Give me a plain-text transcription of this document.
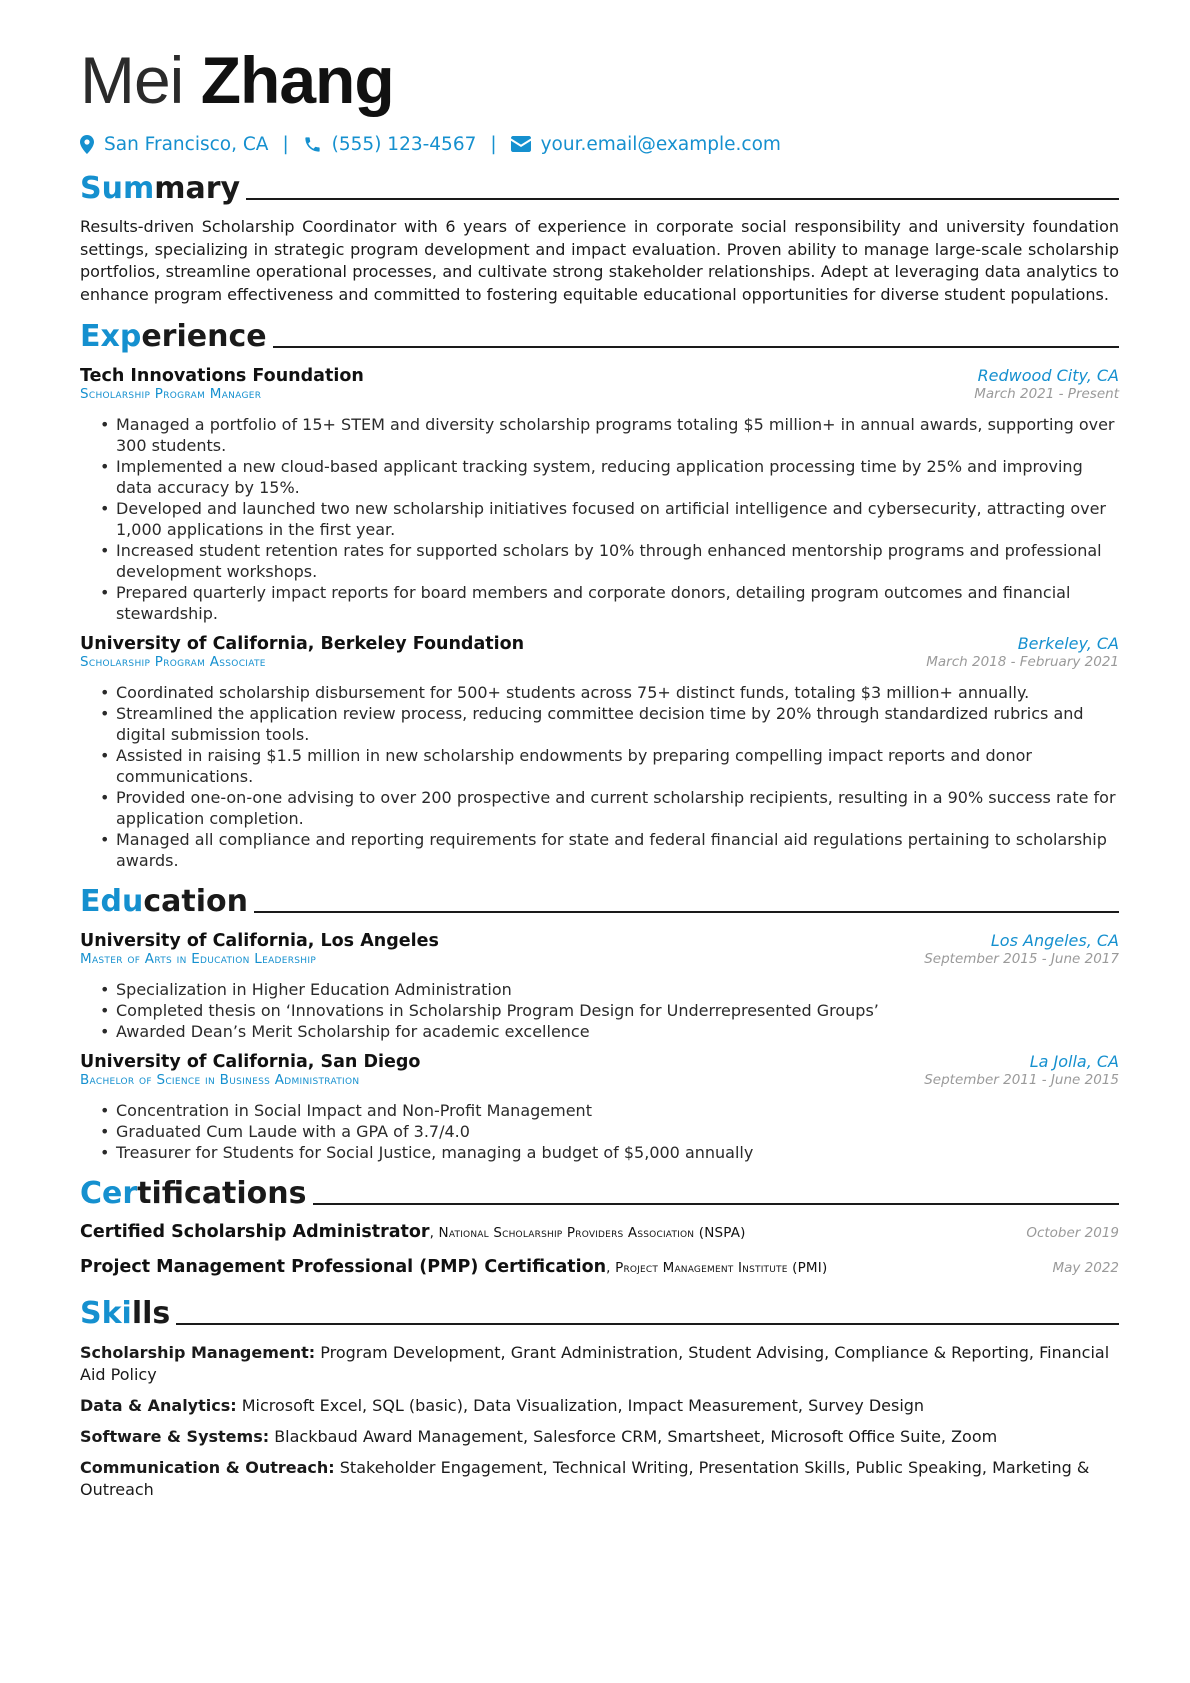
Mei Zhang
San Francisco, CA | (555) 123-4567 | your.email@example.com
Summary

Results-driven Scholarship Coordinator with 6 years of experience in corporate social responsibility and university foundation settings, specializing in strategic program development and impact evaluation. Proven ability to manage large-scale scholarship portfolios, streamline operational processes, and cultivate strong stakeholder relationships. Adept at leveraging data analytics to enhance program effectiveness and committed to fostering equitable educational opportunities for diverse student populations.

Experience
Tech Innovations Foundation	Redwood City, CA
Scholarship Program Manager	March 2021 - Present
• Managed a portfolio of 15+ STEM and diversity scholarship programs totaling $5 million+ in annual awards, supporting over 300 students.
• Implemented a new cloud-based applicant tracking system, reducing application processing time by 25% and improving data accuracy by 15%.
• Developed and launched two new scholarship initiatives focused on artificial intelligence and cybersecurity, attracting over 1,000 applications in the first year.
• Increased student retention rates for supported scholars by 10% through enhanced mentorship programs and professional development workshops.
• Prepared quarterly impact reports for board members and corporate donors, detailing program outcomes and financial stewardship.
University of California, Berkeley Foundation	Berkeley, CA
Scholarship Program Associate	March 2018 - February 2021
• Coordinated scholarship disbursement for 500+ students across 75+ distinct funds, totaling $3 million+ annually.
• Streamlined the application review process, reducing committee decision time by 20% through standardized rubrics and digital submission tools.
• Assisted in raising $1.5 million in new scholarship endowments by preparing compelling impact reports and donor communications.
• Provided one-on-one advising to over 200 prospective and current scholarship recipients, resulting in a 90% success rate for application completion.
• Managed all compliance and reporting requirements for state and federal financial aid regulations pertaining to scholarship awards.
Education
University of California, Los Angeles	Los Angeles, CA
Master of Arts in Education Leadership	September 2015 - June 2017
• Specialization in Higher Education Administration
• Completed thesis on ‘Innovations in Scholarship Program Design for Underrepresented Groups’
• Awarded Dean’s Merit Scholarship for academic excellence
University of California, San Diego	La Jolla, CA
Bachelor of Science in Business Administration	September 2011 - June 2015
• Concentration in Social Impact and Non-Profit Management
• Graduated Cum Laude with a GPA of 3.7/4.0
• Treasurer for Students for Social Justice, managing a budget of $5,000 annually
Certifications
Certified Scholarship Administrator, National Scholarship Providers Association (NSPA)	October 2019
Project Management Professional (PMP) Certification, Project Management Institute (PMI)	May 2022
Skills
Scholarship Management: Program Development, Grant Administration, Student Advising, Compliance & Reporting, Financial Aid Policy
Data & Analytics: Microsoft Excel, SQL (basic), Data Visualization, Impact Measurement, Survey Design
Software & Systems: Blackbaud Award Management, Salesforce CRM, Smartsheet, Microsoft Office Suite, Zoom
Communication & Outreach: Stakeholder Engagement, Technical Writing, Presentation Skills, Public Speaking, Marketing & Outreach
